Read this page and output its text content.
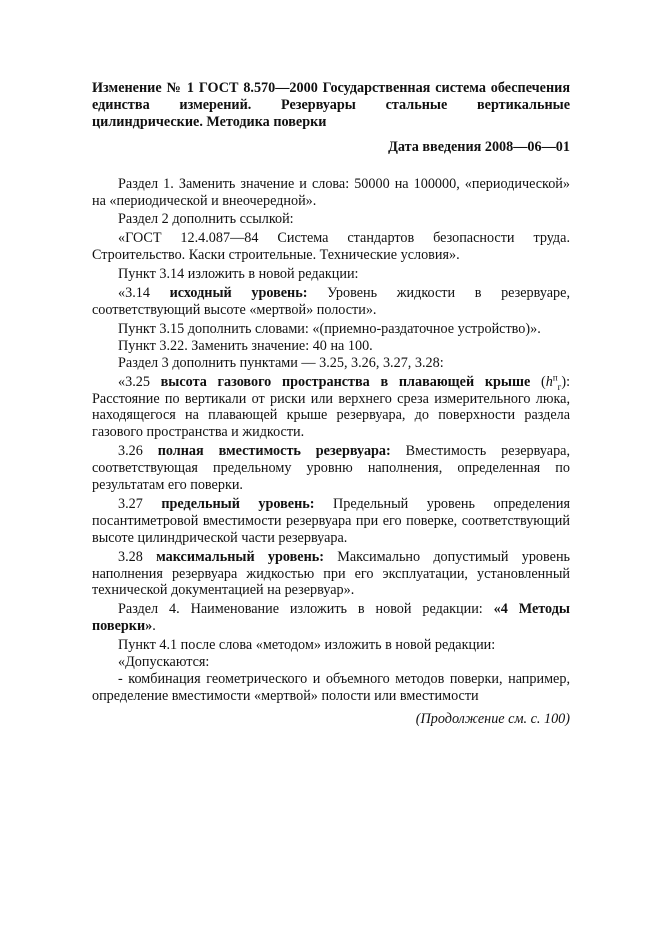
Изменение № 1 ГОСТ 8.570—2000 Государственная система обеспечения единства измерений. Резервуары стальные вертикальные цилиндрические. Методика поверки

Дата введения 2008—06—01

Раздел 1. Заменить значение и слова: 50000 на 100000, «периодической» на «периодической и внеочередной».

Раздел 2 дополнить ссылкой:

«ГОСТ 12.4.087—84 Система стандартов безопасности труда. Строительство. Каски строительные. Технические условия».

Пункт 3.14 изложить в новой редакции:

«3.14 исходный уровень: Уровень жидкости в резервуаре, соответствующий высоте «мертвой» полости».

Пункт 3.15 дополнить словами: «(приемно-раздаточное устройство)».

Пункт 3.22. Заменить значение: 40 на 100.

Раздел 3 дополнить пунктами — 3.25, 3.26, 3.27, 3.28:

«3.25 высота газового пространства в плавающей крыше $(h^п_г)$: Расстояние по вертикали от риски или верхнего среза измерительного люка, находящегося на плавающей крыше резервуара, до поверхности раздела газового пространства и жидкости.

3.26 полная вместимость резервуара: Вместимость резервуара, соответствующая предельному уровню наполнения, определенная по результатам его поверки.

3.27 предельный уровень: Предельный уровень определения посантиметровой вместимости резервуара при его поверке, соответствующий высоте цилиндрической части резервуара.

3.28 максимальный уровень: Максимально допустимый уровень наполнения резервуара жидкостью при его эксплуатации, установленный технической документацией на резервуар».

Раздел 4. Наименование изложить в новой редакции: «4 Методы поверки».

Пункт 4.1 после слова «методом» изложить в новой редакции:

«Допускаются:

- комбинация геометрического и объемного методов поверки, например, определение вместимости «мертвой» полости или вместимости

(Продолжение см. с. 100)
